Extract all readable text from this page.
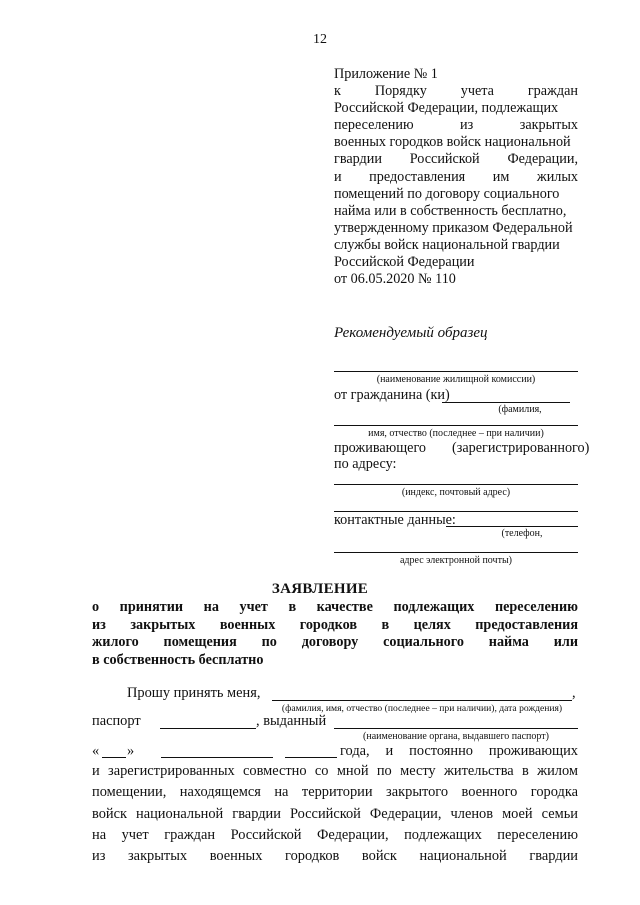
12
Приложение № 1
к Порядку учета граждан
Российской Федерации, подлежащих
переселению из закрытых
военных городков войск национальной
гвардии Российской Федерации,
и предоставления им жилых
помещений по договору социального
найма или в собственность бесплатно,
утвержденному приказом Федеральной
службы войск национальной гвардии
Российской Федерации
от 06.05.2020 № 110
Рекомендуемый образец
(наименование жилищной комиссии)
от гражданина (ки)
(фамилия,
имя, отчество (последнее – при наличии)
проживающего (зарегистрированного)
по адресу:
(индекс, почтовый адрес)
контактные данные:
(телефон,
адрес электронной почты)
ЗАЯВЛЕНИЕ
о принятии на учет в качестве подлежащих переселению
из закрытых военных городков в целях предоставления
жилого помещения по договору социального найма или
в собственность бесплатно
Прошу принять меня,	,
(фамилия, имя, отчество (последнее – при наличии), дата рождения)
паспорт	, выданный
(наименование органа, выдавшего паспорт)
« »	года, и постоянно проживающих
и зарегистрированных совместно со мной по месту жительства в жилом
помещении, находящемся на территории закрытого военного городка
войск национальной гвардии Российской Федерации, членов моей семьи
на учет граждан Российской Федерации, подлежащих переселению
из закрытых военных городков войск национальной гвардии
